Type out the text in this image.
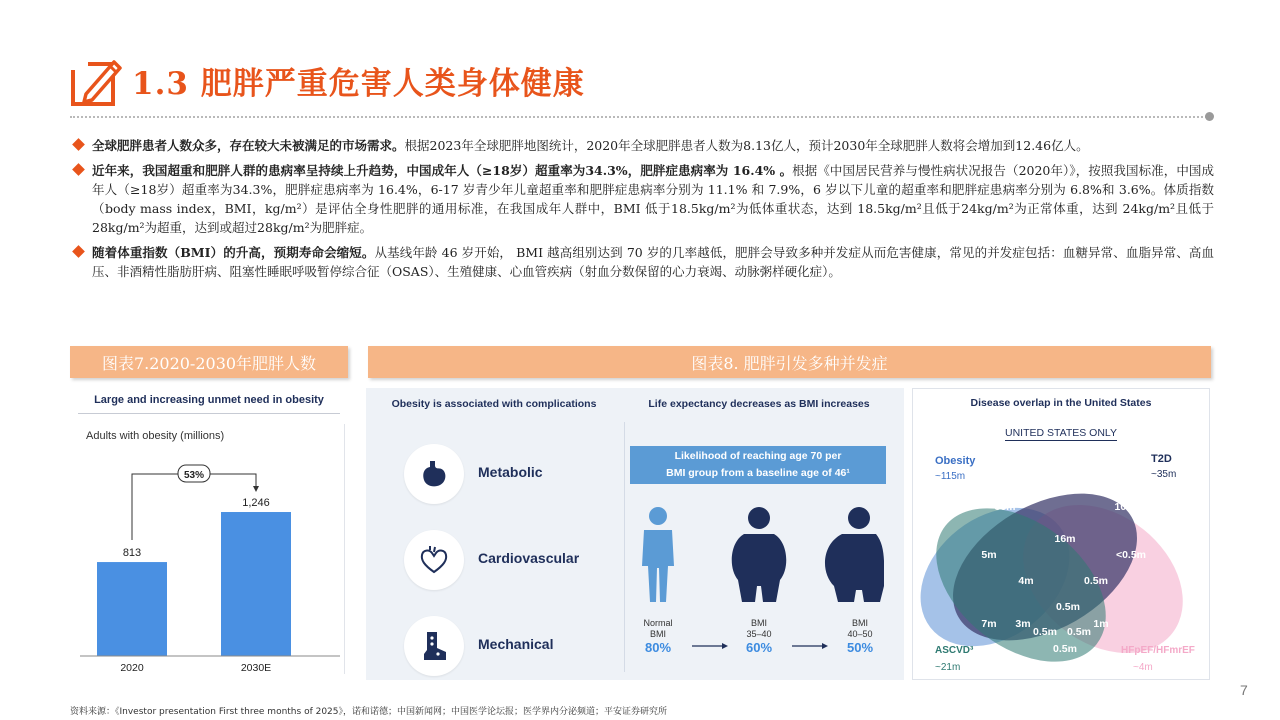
1.3 肥胖严重危害人类身体健康
全球肥胖患者人数众多，存在较大未被满足的市场需求。根据2023年全球肥胖地图统计，2020年全球肥胖患者人数为8.13亿人，预计2030年全球肥胖人数将会增加到12.46亿人。
近年来，我国超重和肥胖人群的患病率呈持续上升趋势，中国成年人（≥18岁）超重率为34.3%，肥胖症患病率为 16.4% 。根据《中国居民营养与慢性病状况报告（2020年）》，按照我国标准，中国成年人（≥18岁）超重率为34.3%，肥胖症患病率为 16.4%，6-17 岁青少年儿童超重率和肥胖症患病率分别为 11.1% 和 7.9%，6 岁以下儿童的超重率和肥胖症患病率分别为 6.8%和 3.6%。体质指数（body mass index，BMI，kg/m²）是评估全身性肥胖的通用标准，在我国成年人群中，BMI 低于18.5kg/m²为低体重状态，达到 18.5kg/m²且低于24kg/m²为正常体重，达到 24kg/m²且低于 28kg/m²为超重，达到或超过28kg/m²为肥胖症。
随着体重指数（BMI）的升高，预期寿命会缩短。从基线年龄 46 岁开始， BMI 越高组别达到 70 岁的几率越低，肥胖会导致多种并发症从而危害健康，常见的并发症包括：血糖异常、血脂异常、高血压、非酒精性脂肪肝病、阻塞性睡眠呼吸暂停综合征（OSAS）、生殖健康、心血管疾病（射血分数保留的心力衰竭、动脉粥样硬化症）。
图表7.2020-2030年肥胖人数	图表8. 肥胖引发多种并发症
Large and increasing unmet need in obesity
Adults with obesity (millions)
813
2020
1,246
2030E
53%
Obesity is associated with complications	Life expectancy decreases as BMI increases
Metabolic
Cardiovascular
Mechanical
Likelihood of reaching age 70 per
BMI group from a baseline age of 46¹
Normal
BMI
80%
BMI
35–40
60%
BMI
40–50
50%
Disease overlap in the United States
UNITED STATES ONLY
Obesity
~115m
T2D
~35m
ASCVD³
~21m
HFpEF/HFmrEF
~4m
88m	10m
16m
5m	<0.5m
4m	0.5m
0.5m
7m 3m	1m
0.5m 0.5m
0.5m
7
资料来源：《Investor presentation First three months of 2025》，诺和诺德；中国新闻网；中国医学论坛报；医学界内分泌频道；平安证券研究所
